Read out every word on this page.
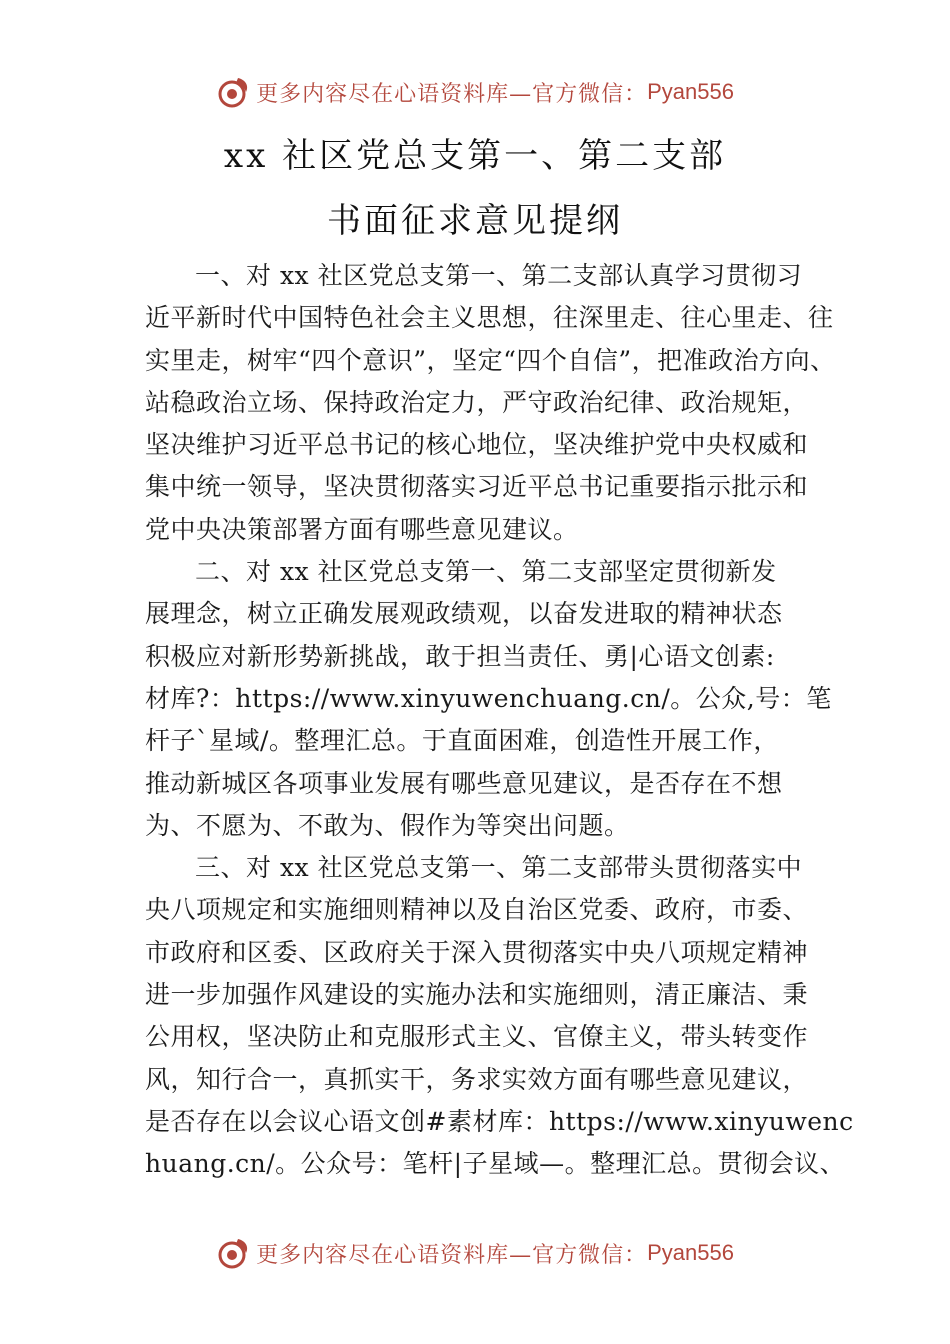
更多内容尽在心语资料库—官方微信： Pyan556
xx 社区党总支第一、第二支部
书面征求意见提纲
一、对 xx 社区党总支第一、第二支部认真学习贯彻习
近平新时代中国特色社会主义思想，往深里走、往心里走、往
实里走，树牢“四个意识”，坚定“四个自信”，把准政治方向、
站稳政治立场、保持政治定力，严守政治纪律、政治规矩，
坚决维护习近平总书记的核心地位，坚决维护党中央权威和
集中统一领导，坚决贯彻落实习近平总书记重要指示批示和
党中央决策部署方面有哪些意见建议。
二、对 xx 社区党总支第一、第二支部坚定贯彻新发
展理念，树立正确发展观政绩观，以奋发进取的精神状态
积极应对新形势新挑战，敢于担当责任、勇|心语文创素:
材库?：https://www.xinyuwenchuang.cn/。公众,号：笔
杆子`星域/。整理汇总。于直面困难，创造性开展工作，
推动新城区各项事业发展有哪些意见建议，是否存在不想
为、不愿为、不敢为、假作为等突出问题。
三、对 xx 社区党总支第一、第二支部带头贯彻落实中
央八项规定和实施细则精神以及自治区党委、政府，市委、
市政府和区委、区政府关于深入贯彻落实中央八项规定精神
进一步加强作风建设的实施办法和实施细则，清正廉洁、秉
公用权，坚决防止和克服形式主义、官僚主义，带头转变作
风，知行合一，真抓实干，务求实效方面有哪些意见建议，
是否存在以会议心语文创#素材库：https://www.xinyuwenc
huang.cn/。公众号：笔杆|子星域—。整理汇总。贯彻会议、
更多内容尽在心语资料库—官方微信： Pyan556
